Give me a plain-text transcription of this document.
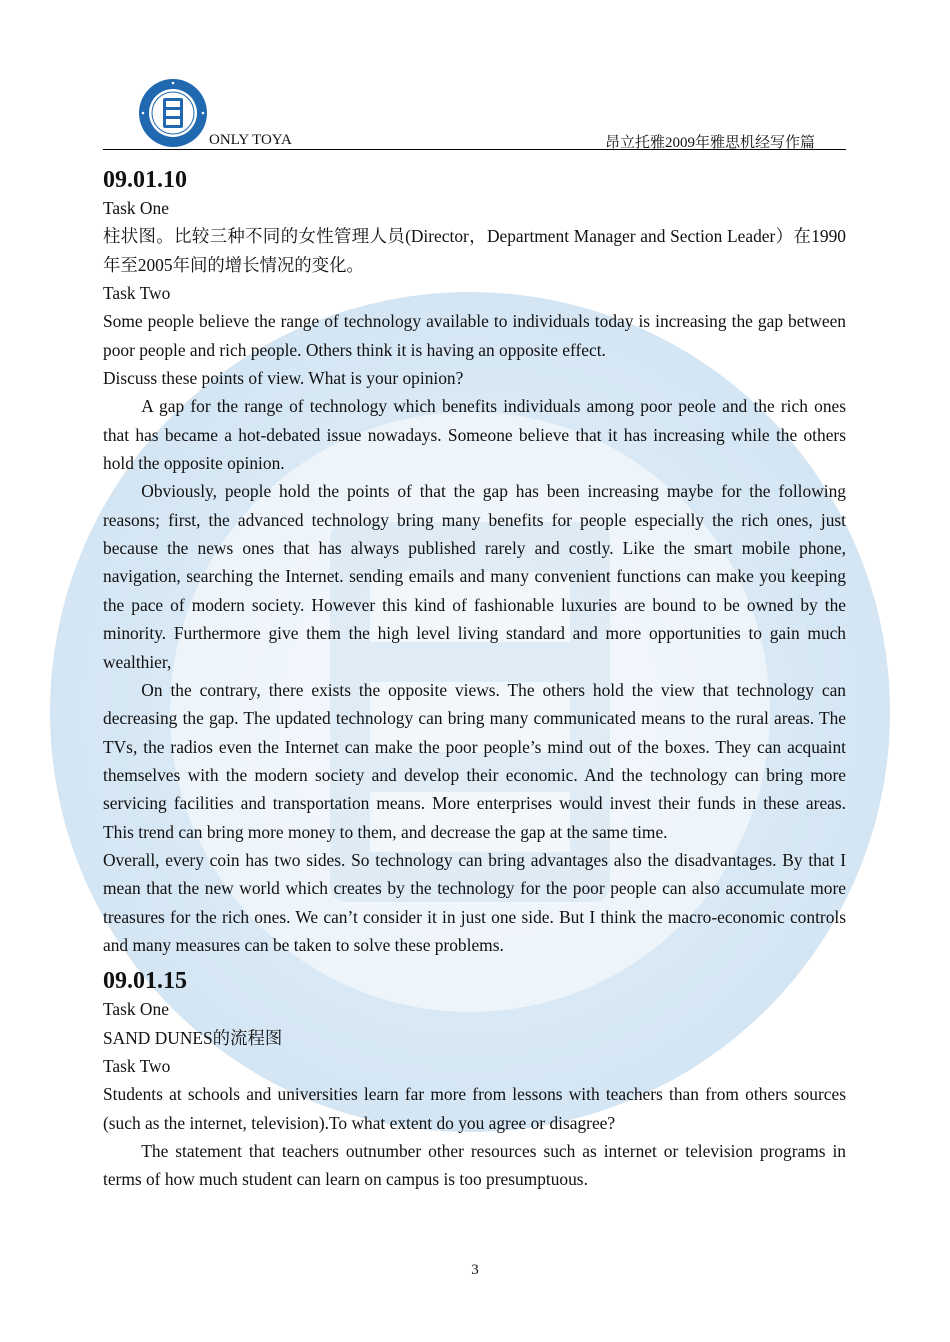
ONLY TOYA	昂立托雅2009年雅思机经写作篇
09.01.10

Task One

柱状图。比较三种不同的女性管理人员(Director，Department Manager and Section Leader）在1990年至2005年间的增长情况的变化。

Task Two

Some people believe the range of technology available to individuals today is increasing the gap between poor people and rich people. Others think it is having an opposite effect.

Discuss these points of view. What is your opinion?

A gap for the range of technology which benefits individuals among poor peole and the rich ones that has became a hot-debated issue nowadays. Someone believe that it has increasing while the others hold the opposite opinion.

Obviously, people hold the points of that the gap has been increasing maybe for the following reasons; first, the advanced technology bring many benefits for people especially the rich ones, just because the news ones that has always published rarely and costly. Like the smart mobile phone, navigation, searching the Internet. sending emails and many convenient functions can make you keeping the pace of modern society. However this kind of fashionable luxuries are bound to be owned by the minority. Furthermore give them the high level living standard and more opportunities to gain much wealthier,

On the contrary, there exists the opposite views. The others hold the view that technology can decreasing the gap. The updated technology can bring many communicated means to the rural areas. The TVs, the radios even the Internet can make the poor people’s mind out of the boxes. They can acquaint themselves with the modern society and develop their economic. And the technology can bring more servicing facilities and transportation means. More enterprises would invest their funds in these areas. This trend can bring more money to them, and decrease the gap at the same time.

Overall, every coin has two sides. So technology can bring advantages also the disadvantages. By that I mean that the new world which creates by the technology for the poor people can also accumulate more treasures for the rich ones. We can’t consider it in just one side. But I think the macro-economic controls and many measures can be taken to solve these problems.

09.01.15

Task One

SAND DUNES的流程图

Task Two

Students at schools and universities learn far more from lessons with teachers than from others sources (such as the internet, television).To what extent do you agree or disagree?

The statement that teachers outnumber other resources such as internet or television programs in terms of how much student can learn on campus is too presumptuous.

3
